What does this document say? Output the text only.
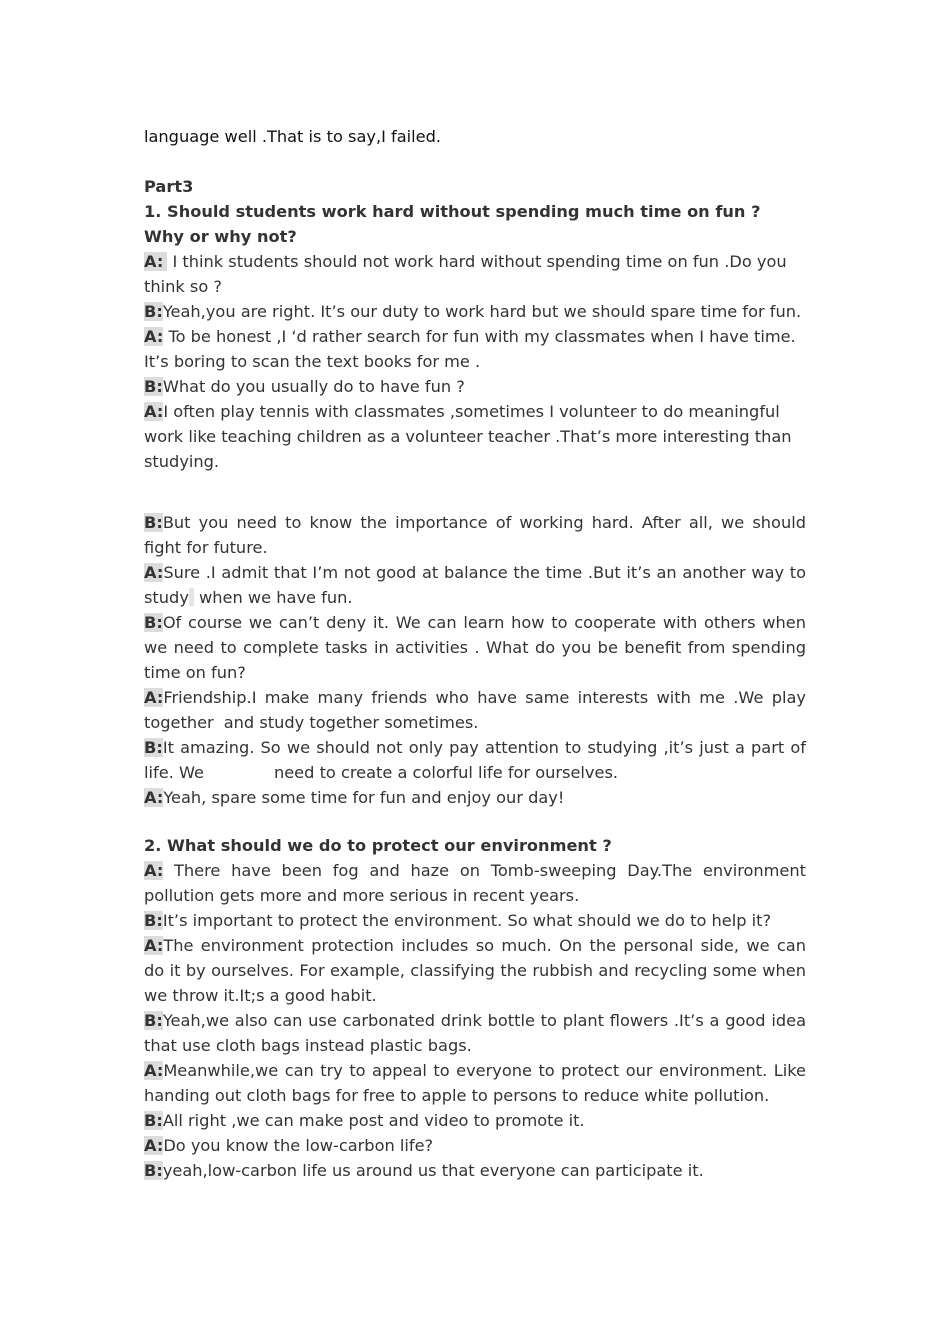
language well .That is to say,I failed.

Part3

1. Should students work hard without spending much time on fun ? Why or why not?

A: I think students should not work hard without spending time on fun .Do you think so ?

B:Yeah,you are right. It’s our duty to work hard but we should spare time for fun.

A: To be honest ,I ‘d rather search for fun with my classmates when I have time. It’s boring to scan the text books for me .

B:What do you usually do to have fun ?

A:I often play tennis with classmates ,sometimes I volunteer to do meaningful work like teaching children as a volunteer teacher .That’s more interesting than studying.

B:But you need to know the importance of working hard. After all, we should fight for future.

A:Sure .I admit that I’m not good at balance the time .But it’s an another way to study when we have fun.

B:Of course we can’t deny it. We can learn how to cooperate with others when we need to complete tasks in activities . What do you be benefit from spending time on fun?

A:Friendship.I make many friends who have same interests with me .We play together and study together sometimes.

B:It amazing. So we should not only pay attention to studying ,it’s just a part of life. We	need to create a colorful life for ourselves.

A:Yeah, spare some time for fun and enjoy our day!

2. What should we do to protect our environment ?

A: There have been fog and haze on Tomb-sweeping Day.The environment pollution gets more and more serious in recent years.

B:It’s important to protect the environment. So what should we do to help it?

A:The environment protection includes so much. On the personal side, we can do it by ourselves. For example, classifying the rubbish and recycling some when we throw it.It;s a good habit.

B:Yeah,we also can use carbonated drink bottle to plant flowers .It’s a good idea that use cloth bags instead plastic bags.

A:Meanwhile,we can try to appeal to everyone to protect our environment. Like handing out cloth bags for free to apple to persons to reduce white pollution.

B:All right ,we can make post and video to promote it.

A:Do you know the low-carbon life?

B:yeah,low-carbon life us around us that everyone can participate it.
